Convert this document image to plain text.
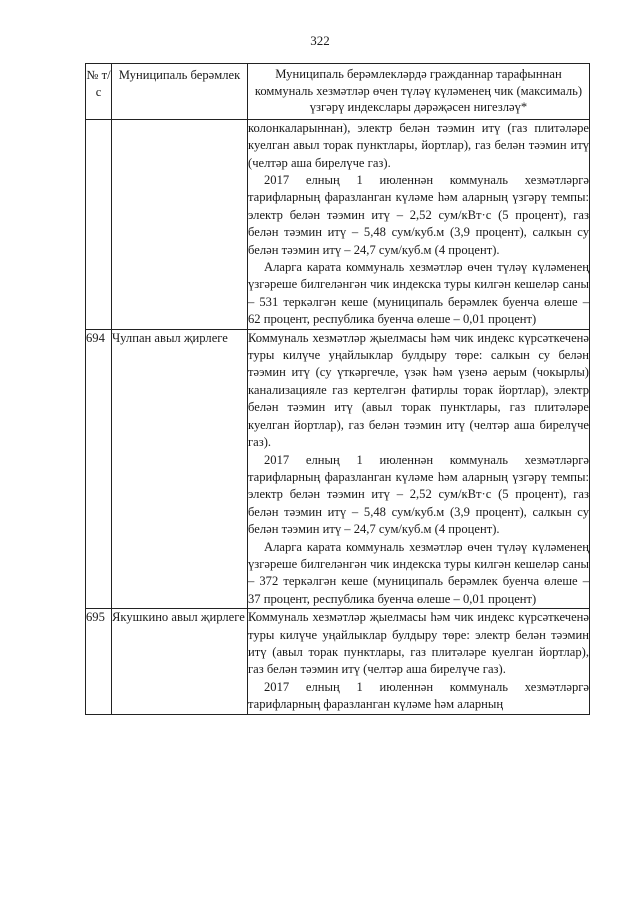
322
№ т/с	Муниципаль берәмлек	Муниципаль берәмлекләрдә гражданнар тарафыннан коммуналь хезмәтләр өчен түләү күләменең чик (максималь) үзгәрү индекслары дәрәҗәсен нигезләү*

		колонкаларыннан), электр белән тәэмин итү (газ плитәләре куелган авыл торак пунктлары, йортлар), газ белән тәэмин итү (челтәр аша бирелүче газ).
2017 елның 1 июленнән коммуналь хезмәтләргә тарифларның фаразланган күләме һәм аларның үзгәрү темпы: электр белән тәэмин итү – 2,52 сум/кВт·с (5 процент), газ белән тәэмин итү – 5,48 сум/куб.м (3,9 процент), салкын су белән тәэмин итү – 24,7 сум/куб.м (4 процент).
Аларга карата коммуналь хезмәтләр өчен түләү күләменең үзгәреше билгеләнгән чик индекска туры килгән кешеләр саны – 531 теркәлгән кеше (муниципаль берәмлек буенча өлеше – 62 процент, республика буенча өлеше – 0,01 процент)

694	Чулпан авыл җирлеге	Коммуналь хезмәтләр җыелмасы һәм чик индекс күрсәткеченә туры килүче уңайлыклар булдыру төре: салкын су белән тәэмин итү (су үткәргечле, үзәк һәм үзенә аерым (чокырлы) канализацияле газ кертелгән фатирлы торак йортлар), электр белән тәэмин итү (авыл торак пунктлары, газ плитәләре куелган йортлар), газ белән тәэмин итү (челтәр аша бирелүче газ).
2017 елның 1 июленнән коммуналь хезмәтләргә тарифларның фаразланган күләме һәм аларның үзгәрү темпы: электр белән тәэмин итү – 2,52 сум/кВт·с (5 процент), газ белән тәэмин итү – 5,48 сум/куб.м (3,9 процент), салкын су белән тәэмин итү – 24,7 сум/куб.м (4 процент).
Аларга карата коммуналь хезмәтләр өчен түләү күләменең үзгәреше билгеләнгән чик индекска туры килгән кешеләр саны – 372 теркәлгән кеше (муниципаль берәмлек буенча өлеше – 37 процент, республика буенча өлеше – 0,01 процент)

695	Якушкино авыл җирлеге	Коммуналь хезмәтләр җыелмасы һәм чик индекс күрсәткеченә туры килүче уңайлыклар булдыру төре: электр белән тәэмин итү (авыл торак пунктлары, газ плитәләре куелган йортлар), газ белән тәэмин итү (челтәр аша бирелүче газ).
2017 елның 1 июленнән коммуналь хезмәтләргә тарифларның фаразланган күләме һәм аларның
